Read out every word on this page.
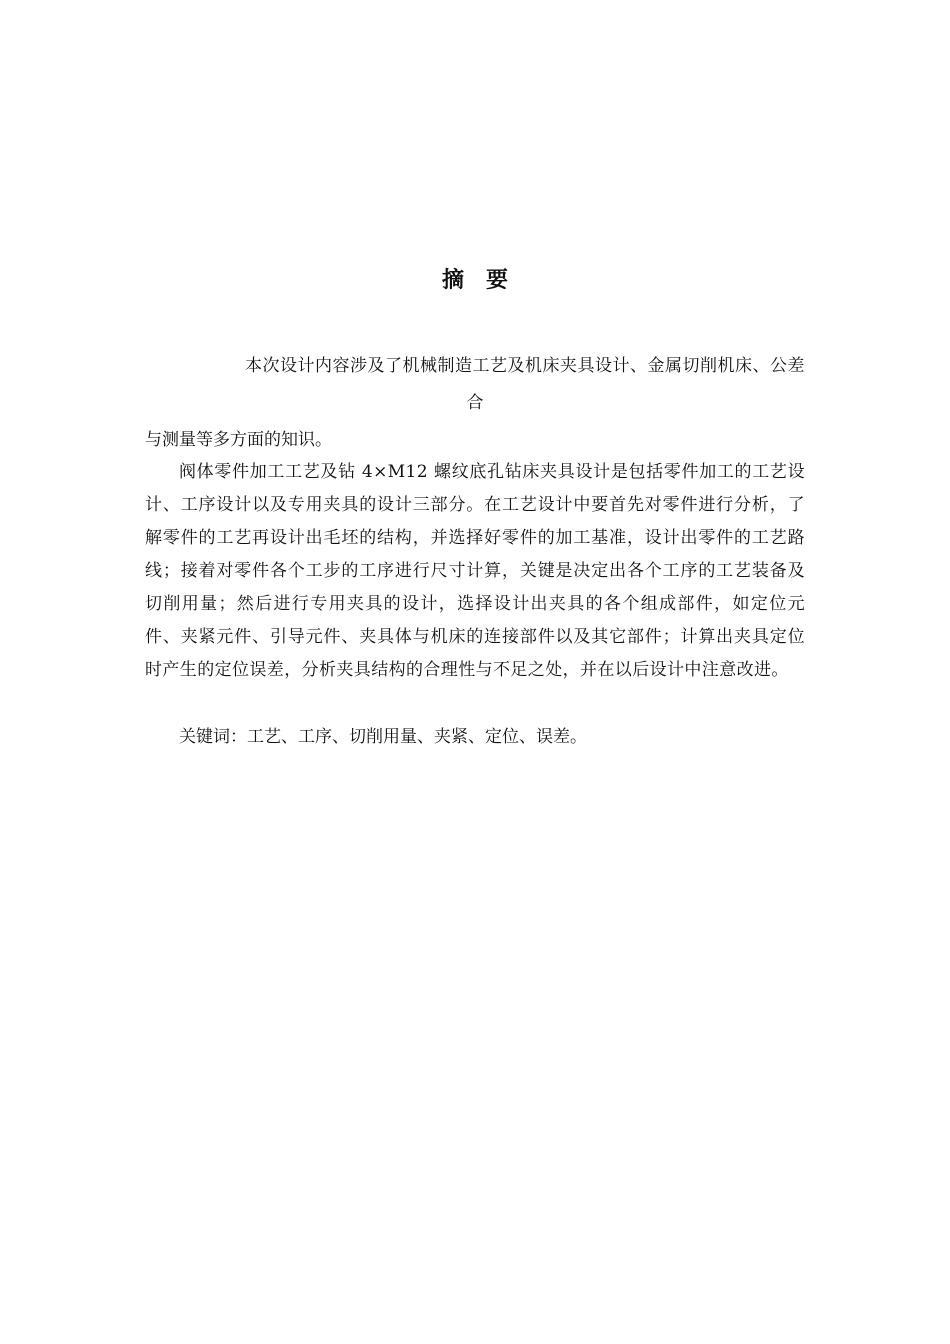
摘 要

本次设计内容涉及了机械制造工艺及机床夹具设计、金属切削机床、公差

合

与测量等多方面的知识。

阀体零件加工工艺及钻 4×M12 螺纹底孔钻床夹具设计是包括零件加工的工艺设计、工序设计以及专用夹具的设计三部分。在工艺设计中要首先对零件进行分析，了解零件的工艺再设计出毛坯的结构，并选择好零件的加工基准，设计出零件的工艺路线；接着对零件各个工步的工序进行尺寸计算，关键是决定出各个工序的工艺装备及切削用量；然后进行专用夹具的设计，选择设计出夹具的各个组成部件，如定位元件、夹紧元件、引导元件、夹具体与机床的连接部件以及其它部件；计算出夹具定位时产生的定位误差，分析夹具结构的合理性与不足之处，并在以后设计中注意改进。

关键词：工艺、工序、切削用量、夹紧、定位、误差。
